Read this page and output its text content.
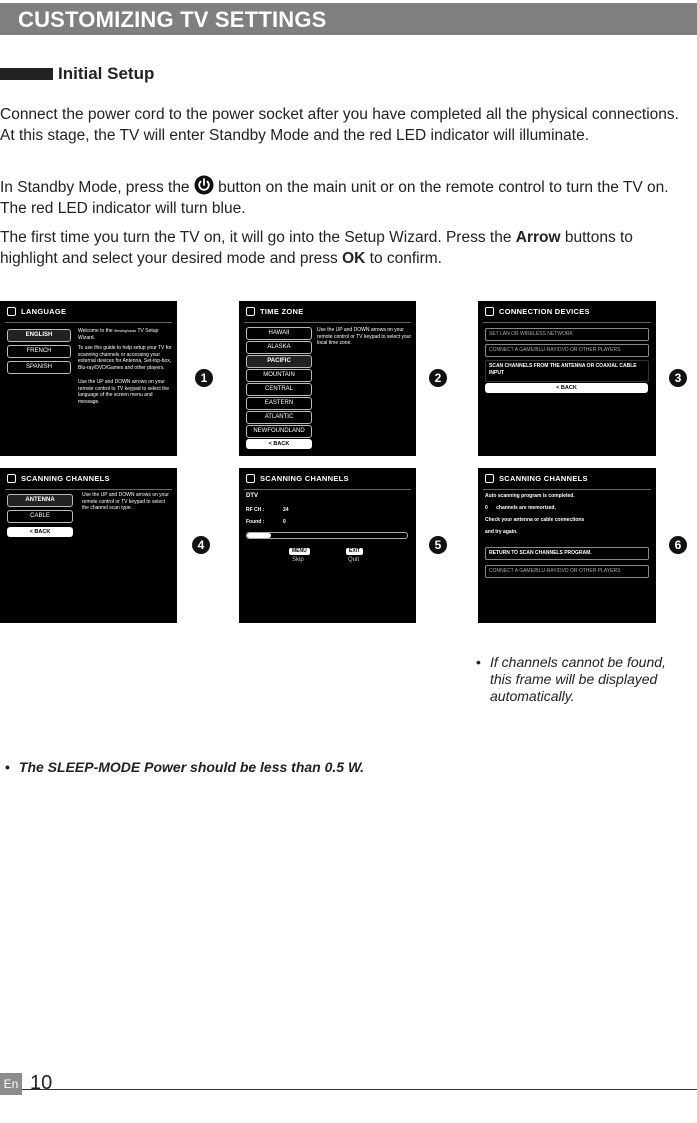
CUSTOMIZING TV SETTINGS
Initial Setup
Connect the power cord to the power socket after you have completed all the physical connections. At this stage, the TV will enter Standby Mode and the red LED indicator will illuminate.
In Standby Mode, press the  button on the main unit or on the remote control to turn the TV on. The red LED indicator will turn blue.
The first time you turn the TV on, it will go into the Setup Wizard. Press the Arrow buttons to highlight and select your desired mode and press OK to confirm.
LANGUAGE
ENGLISH
FRENCH
SPANISH
Welcome to the Westinghouse TV Setup Wizard.
To use this guide to help setup your TV for scanning channels or accessing your external devices for Antenna, Set-top-box, Blu-ray/DVD/Games and other players.
Use the UP and DOWN arrows on your remote control to TV keypad to select the language of the screen menu and message.
1
TIME ZONE
HAWAII
ALASKA
PACIFIC
MOUNTAIN
CENTRAL
EASTERN
ATLANTIC
NEWFOUNDLAND
< BACK
Use the UP and DOWN arrows on your remote control or TV keypad to select your local time zone.
2
CONNECTION DEVICES
SET LAN OR WIRELESS NETWORK
CONNECT A GAME/BLU-RAY/DVD OR OTHER PLAYERS
SCAN CHANNELS FROM THE ANTENNA OR COAXIAL CABLE INPUT
< BACK
3
SCANNING CHANNELS
ANTENNA
CABLE
< BACK
Use the UP and DOWN arrows on your remote control or TV keypad to select the channel scan type.
4
SCANNING CHANNELS
DTV
RF CH :	24
Found :	0
MENU
Skip
EXIT
Quit
5
SCANNING CHANNELS
Auto scanning program is completed.
0      channels are memorized.
Check your antenna or cable connections
and try again.
RETURN TO SCAN CHANNELS PROGRAM.
CONNECT A GAME/BLU-RAY/DVD OR OTHER PLAYERS
6
• If channels cannot be found, this frame will be displayed automatically.
• The SLEEP-MODE Power should be less than 0.5 W.
En 10
